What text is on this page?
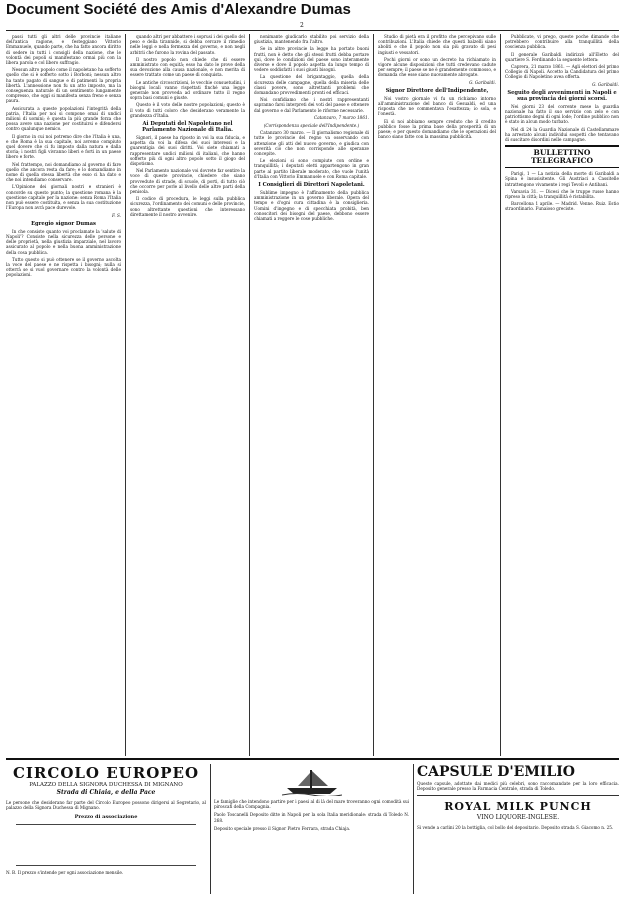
Document Société des Amis d'Alexandre Dumas
2

passi tutti gli altri delle provincie italiane dell'antica ragione, e festeggiano Vittorio Emmanuele, quando parte, che ha fatto ancora diritto di sedere in tutti i consigli della nazione, che le volontà dei popoli si manifestano ormai più con la libera parola e col libero suffragio.

Nessun altro popolo come il napoletano ha sofferto quello che si è sofferto sotto i Borboni; nessun altro ha tanto pagato di sangue e di patimenti la propria libertà. L'annessione non fu un atto imposto, ma la conseguenza naturale di un sentimento lungamente compresso, che oggi si manifesta senza freno e senza paura.

Assicurata a queste popolazioni l'integrità della patria, l'Italia per noi si compone omai di undici milioni di uomini; è questa la più grande forza che possa avere una nazione per costituirsi e difendersi contro qualunque nemico.

Il giorno in cui noi potremo dire che l'Italia è una, e che Roma è la sua capitale, noi avremo compiuto quel dovere che ci fu imposto dalla natura e dalla storia; i nostri figli vivranno liberi e forti in un paese libero e forte.

Nel frattempo, noi domandiamo al governo di fare quello che ancora resta da fare; e lo domandiamo in nome di quella stessa libertà che esso ci ha dato e che noi intendiamo conservare.

L'Opinione dei giornali nostri e stranieri è concorde su questo punto; la questione romana è la questione capitale per la nazione: senza Roma l'Italia non può essere costituita, e senza la sua costituzione l'Europa non avrà pace durevole.

F. S.
Egregio signor Dumas

In che consiste quanto voi proclamate la 'salute di Napoli'? Consiste nella sicurezza delle persone e delle proprietà, nella giustizia imparziale, nel lavoro assicurato al popolo e nella buona amministrazione della cosa pubblica.

Tutto questo si può ottenere se il governo ascolta la voce del paese e ne rispetta i bisogni; nulla si otterrà se si vuol governare contro la volontà delle popolazioni.

quando altri per abbattere i soprusi i dei quello del peso e della tirannide, si debba cercare il rimedio nelle leggi e nella fermezza del governo, e non negli arbitrii che furono la rovina del passato.

Il nostro popolo non chiede che di essere amministrato con equità; esso ha dato le prove della sua devozione alla causa nazionale, e non merita di essere trattato come un paese di conquista.

Le antiche circoscrizioni, le vecchie consuetudini, i bisogni locali vanno rispettati finché una legge generale non provveda ad ordinare tutto il regno sopra basi comuni e giuste.

Questo è il voto delle nostre popolazioni; questo è il voto di tutti coloro che desiderano veramente la grandezza d'Italia.

Ai Deputati del Napoletano nel Parlamento Nazionale di Italia.

Signori, il paese ha riposto in voi la sua fiducia, e aspetta da voi la difesa dei suoi interessi e la guarentigia dei suoi diritti. Voi siete chiamati a rappresentare undici milioni di italiani, che hanno sofferto più di ogni altro popolo sotto il giogo del dispotismo.

Nel Parlamento nazionale voi dovrete far sentire la voce di queste provincie, chiedere che siano provvedute di strade, di scuole, di porti, di tutto ciò che occorre per porle al livello delle altre parti della penisola.

Il codice di procedura, le leggi sulla pubblica sicurezza, l'ordinamento dei comuni e delle provincie, sono altrettante questioni che interessano direttamente il nostro avvenire.

nonimante giudicarlo stabilito poi servizio della giustizia, mantenendo fra l'altro.

Se in altre provincie la legge ha portato buoni frutti, non è detto che gli stessi frutti debba portare qui, dove le condizioni del paese sono interamente diverse e dove il popolo aspetta da lungo tempo di vedere soddisfatti i suoi giusti bisogni.

La questione del brigantaggio, quella della sicurezza delle campagne, quella della miseria delle classi povere, sono altrettanti problemi che domandano provvedimenti pronti ed efficaci.

Noi confidiamo che i nostri rappresentanti sapranno farsi interpreti dei voti del paese e ottenere dal governo e dal Parlamento le riforme necessarie.

Catanzaro, 7 marzo 1861.
(Corrispondenza speciale dell'Indipendente.)

Catanzaro 30 marzo. — Il giornalismo regionale di tutte le provincie del regno va osservando con attenzione gli atti del nuovo governo, e giudica con severità ciò che non corrisponde alle speranze concepite.

Le elezioni si sono compiute con ordine e tranquillità; i deputati eletti appartengono in gran parte al partito liberale moderato, che vuole l'unità d'Italia con Vittorio Emmanuele e con Roma capitale.

I Consiglieri di Direttori Napoletani.

Sublime impegno è l'affinamento della pubblica amministrazione in un governo liberale. Opera del tempo e d'ogni cura cittadina è la consiglieria. Uomini d'ingegno e di specchiata probità, ben conoscitori dei bisogni del paese, debbono essere chiamati a reggere le cose pubbliche.

Studio di pietà era il profitto che percepivano sulle contribuzioni. L'Italia chiede che questi balzelli siano aboliti e che il popolo non sia più gravato di pesi ingiusti e vessatori.

Pochi giorni or sono un decreto ha richiamato in vigore alcune disposizioni che tutti credevano cadute per sempre; il paese se ne è grandemente commosso, e domanda che esse siano nuovamente abrogate.

G. Garibaldi.
Signor Direttore dell'Indipendente,

Noi vostro giornale vi fu un richiamo intorno all'amministrazione del banco di Gesualdi, ed una risposta che ne commentava l'esattezza; io sola, e l'onestà.

Ei sì noi abbiamo sempre creduto che il credito pubblico fosse la prima base della prosperità di un paese; e per questo domandiamo che le operazioni del banco siano fatte con la massima pubblicità.

Pubblicate, vi prego, queste poche dimande che potrebbero contribuire alla tranquillità della coscienza pubblica.

Il generale Garibaldi indirizzò all'Eletto del quartiere S. Ferdinando la seguente lettera:

Caprera, 21 marzo 1861. — Agli elettori del primo Collegio di Napoli. Accetto la Candidatura del primo Collegio di Napoletino avea offerta.

G. Garibaldi.
Seguito degli avvenimenti in Napoli e sua provincia dei giorni scorsi.

Nei giorni 23 del corrente mese la guardia nazionale ha fatto il suo servizio con zelo e con patriottismo degni di ogni lode; l'ordine pubblico non è stato in alcun modo turbato.

Nel di 24 la Guardia Nazionale di Castellammare ha arrestato alcuni individui sospetti che tentavano di suscitare disordini nelle campagne.

BULLETTINO TELEGRAFICO

Parigi, 1 — La notizia della morte di Garibaldi a Spina è insusisitente. Gli Austriaci a Cassitelle intrattengono vivamente i regi Tevoli e Antibani.

Varsavia 31. — Dicesi che le truppe russe hanno ripreso la città; la tranquillità è ristabilita.

Barcellona 1 aprile. — Madrid. Venne. Ruiz. Estio straordinario. Funaioso greciste.

CIRCOLO EUROPEO
PALAZZO DELLA SIGNORA DUCHESSA DI MIGNANO
Strada di Chiaia, e della Pace
Le persone che desiderano far parte del Circolo Europeo possono dirigersi al Segretario, al palazzo della Signora Duchessa di Mignano.
Prezzo di associazione
N. B. Il prezzo s'intende per ogni associazione mensile.
Le famiglie che intendono partire per i paesi al di là del mare troveranno ogni comodità sui piroscafi della Compagnia.
Paolo Toscanelli Deposito ditte in Napoli per la sola Italia meridionale: strada di Toledo N. 268.
Deposito speciale presso il Signor Pietro Ferrara, strada Chiaja.
CAPSULE D'EMILIO
Queste capsule, adottate dai medici più celebri, sono raccomandate per la loro efficacia. Deposito generale presso la Farmacia Centrale, strada di Toledo.
ROYAL MILK PUNCH
VINO LIQUORE-INGLESE.
Si vende a carlini 20 la bottiglia, col bollo del depositario. Deposito strada S. Giacomo n. 25.
